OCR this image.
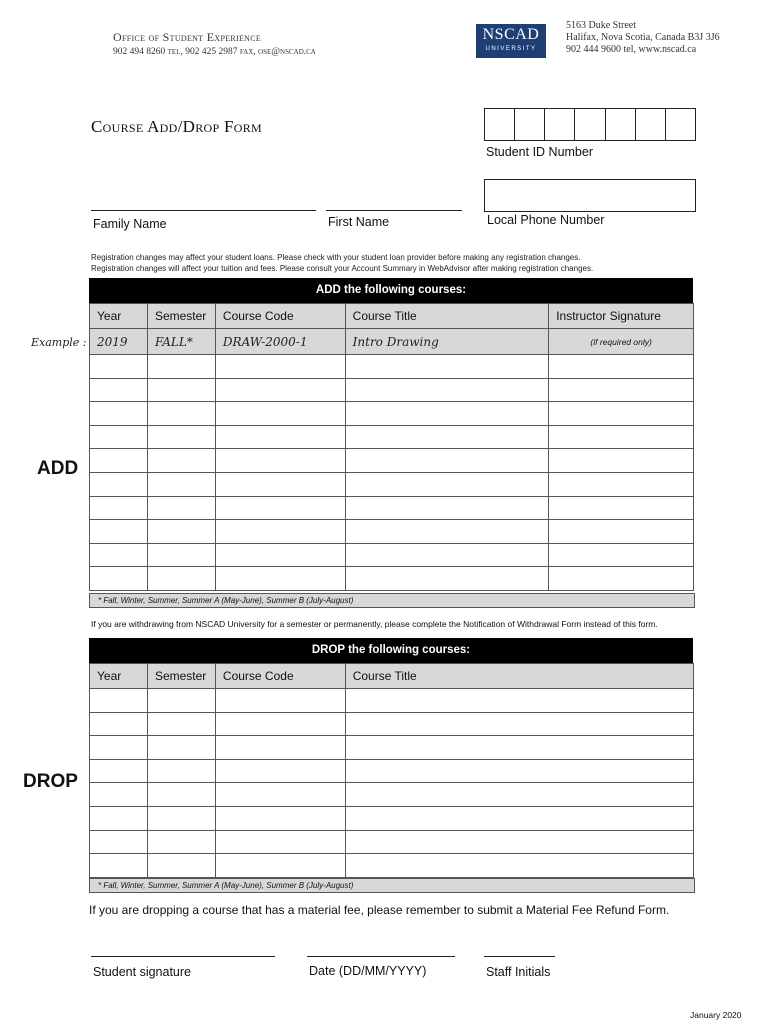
Office of Student Experience
902 494 8260 tel, 902 425 2987 fax, ose@nscad.ca
NSCAD
UNIVERSITY
5163 Duke Street
Halifax, Nova Scotia, Canada B3J 3J6
902 444 9600 tel, www.nscad.ca
Course Add/Drop Form
Student ID Number
Family Name	First Name	Local Phone Number
Registration changes may affect your student loans. Please check with your student loan provider before making any registration changes.
Registration changes will affect your tuition and fees. Please consult your Account Summary in WebAdvisor after making registration changes.
ADD the following courses:
Example :
ADD
Year	Semester	Course Code	Course Title	Instructor Signature
2019	FALL*	DRAW-2000-1	Intro Drawing	(if required only)

* Fall, Winter, Summer, Summer A (May-June), Summer B (July-August)
If you are withdrawing from NSCAD University for a semester or permanently, please complete the Notification of Withdrawal Form instead of this form.
DROP the following courses:
DROP
Year	Semester	Course Code	Course Title

* Fall, Winter, Summer, Summer A (May-June), Summer B (July-August)
If you are dropping a course that has a material fee, please remember to submit a Material Fee Refund Form.
Student signature	Date (DD/MM/YYYY)	Staff Initials
January 2020
